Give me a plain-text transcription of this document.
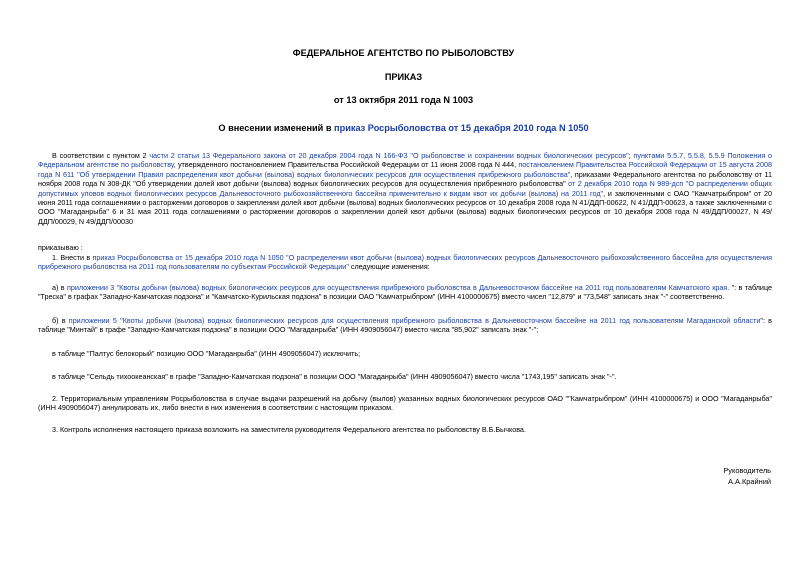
ФЕДЕРАЛЬНОЕ АГЕНТСТВО ПО РЫБОЛОВСТВУ
ПРИКАЗ
от 13 октября 2011 года N 1003
О внесении изменений в приказ Росрыболовства от 15 декабря 2010 года N 1050

В соответствии с пунктом 2 части 2 статьи 13 Федерального закона от 20 декабря 2004 года N 166-ФЗ "О рыболовстве и сохранении водных биологических ресурсов"; пунктами 5.5.7, 5.5.8, 5.5.9 Положения о Федеральном агентстве по рыболовству, утвержденного постановлением Правительства Российской Федерации от 11 июня 2008 года N 444, постановлением Правительства Российской Федерации от 15 августа 2008 года N 611 "Об утверждении Правил распределения квот добычи (вылова) водных биологических ресурсов для осуществления прибрежного рыболовства", приказами Федерального агентства по рыболовству от 11 ноября 2008 года N 308-ДК "Об утверждении долей квот добычи (вылова) водных биологических ресурсов для осуществления прибрежного рыболовства" от 2 декабря 2010 года N 989-дсп "О распределении общих допустимых уловов водных биологических ресурсов Дальневосточного рыбохозяйственного бассейна применительно к видам квот их добычи (вылова) на 2011 год", и заключенными с ОАО "Камчатрыбпром" от 20 июня 2011 года соглашениями о расторжении договоров о закреплении долей квот добычи (вылова) водных биологических ресурсов от 10 декабря 2008 года N 41/ДДП-00622, N 41/ДДП-00623, а также заключенными с ООО "Магаданрыба" 6 и 31 мая 2011 года соглашениями о расторжении договоров о закреплении долей квот добычи (вылова) водных биологических ресурсов от 10 декабря 2008 года N 49/ДДП/00027, N 49/ДДП/00029, N 49/ДДП/00030

приказываю :

1. Внести в приказ Росрыболовства от 15 декабря 2010 года N 1050 "О распределении квот добычи (вылова) водных биологических ресурсов Дальневосточного рыбохозяйственного бассейна для осуществления прибрежного рыболовства на 2011 год пользователям по субъектам Российской Федерации" следующие изменения:

а) в приложении 3 "Квоты добычи (вылова) водных биологических ресурсов для осуществления прибрежного рыболовства в Дальневосточном бассейне на 2011 год пользователям Камчатского края. ": в таблице "Треска" в графах "Западно-Камчатская подзона" и "Камчатско-Курильская подзона" в позиции ОАО "Камчатрыбпром" (ИНН 4100000675) вместо чисел "12,879" и "73,548" записать знак "-" соответственно.

б) в приложении 5 "Квоты добычи (вылова) водных биологических ресурсов для осуществления прибрежного рыболовства в Дальневосточном бассейне на 2011 год пользователям Магаданской области": в таблице "Минтай" в графе "Западно-Камчатская подзона" в позиции ООО "Магаданрыба" (ИНН 4909056047) вместо числа "85,902" записать знак "-";

в таблице "Палтус белокорый" позицию ООО "Магаданрыба" (ИНН 4909056047) исключить;

в таблице "Сельдь тихоокеанская" в графе "Западно-Камчатская подзона" в позиции ООО "Магаданрыба" (ИНН 4909056047) вместо числа "1743,195" записать знак "-".

2. Территориальным управлениям Росрыболовства в случае выдачи разрешений на добычу (вылов) указанных водных биологических ресурсов ОАО ""Камчатрыбпром" (ИНН 4100000675) и ООО "Магаданрыба" (ИНН 4909056047) аннулировать их, либо внести в них изменения в соответствии с настоящим приказом.

3. Контроль исполнения настоящего приказа возложить на заместителя руководителя Федерального агентства по рыболовству В.Б.Бычкова.

Руководитель
А.А.Крайний
